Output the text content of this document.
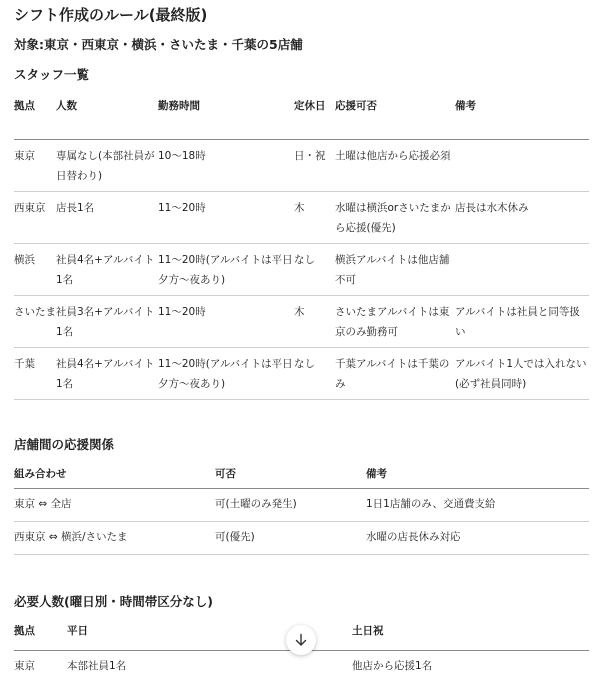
シフト作成のルール(最終版)

対象:東京・西東京・横浜・さいたま・千葉の5店舗

スタッフ一覧
拠点	人数	勤務時間	定休日	応援可否	備考
東京	専属なし(本部社員が日替わり)	10〜18時	日・祝	土曜は他店から応援必須	
西東京	店長1名	11〜20時	木	水曜は横浜orさいたまから応援(優先)	店長は水木休み
横浜	社員4名+アルバイト1名	11〜20時(アルバイトは平日夕方〜夜あり)	なし	横浜アルバイトは他店舗不可	
さいたま	社員3名+アルバイト1名	11〜20時	木	さいたまアルバイトは東京のみ勤務可	アルバイトは社員と同等扱い
千葉	社員4名+アルバイト1名	11〜20時(アルバイトは平日夕方〜夜あり)	なし	千葉アルバイトは千葉のみ	アルバイト1人では入れない(必ず社員同時)
店舗間の応援関係
組み合わせ	可否	備考
東京 ⇔ 全店	可(土曜のみ発生)	1日1店舗のみ、交通費支給
西東京 ⇔ 横浜/さいたま	可(優先)	水曜の店長休み対応
必要人数(曜日別・時間帯区分なし)
拠点	平日	土日祝
東京	本部社員1名	他店から応援1名
